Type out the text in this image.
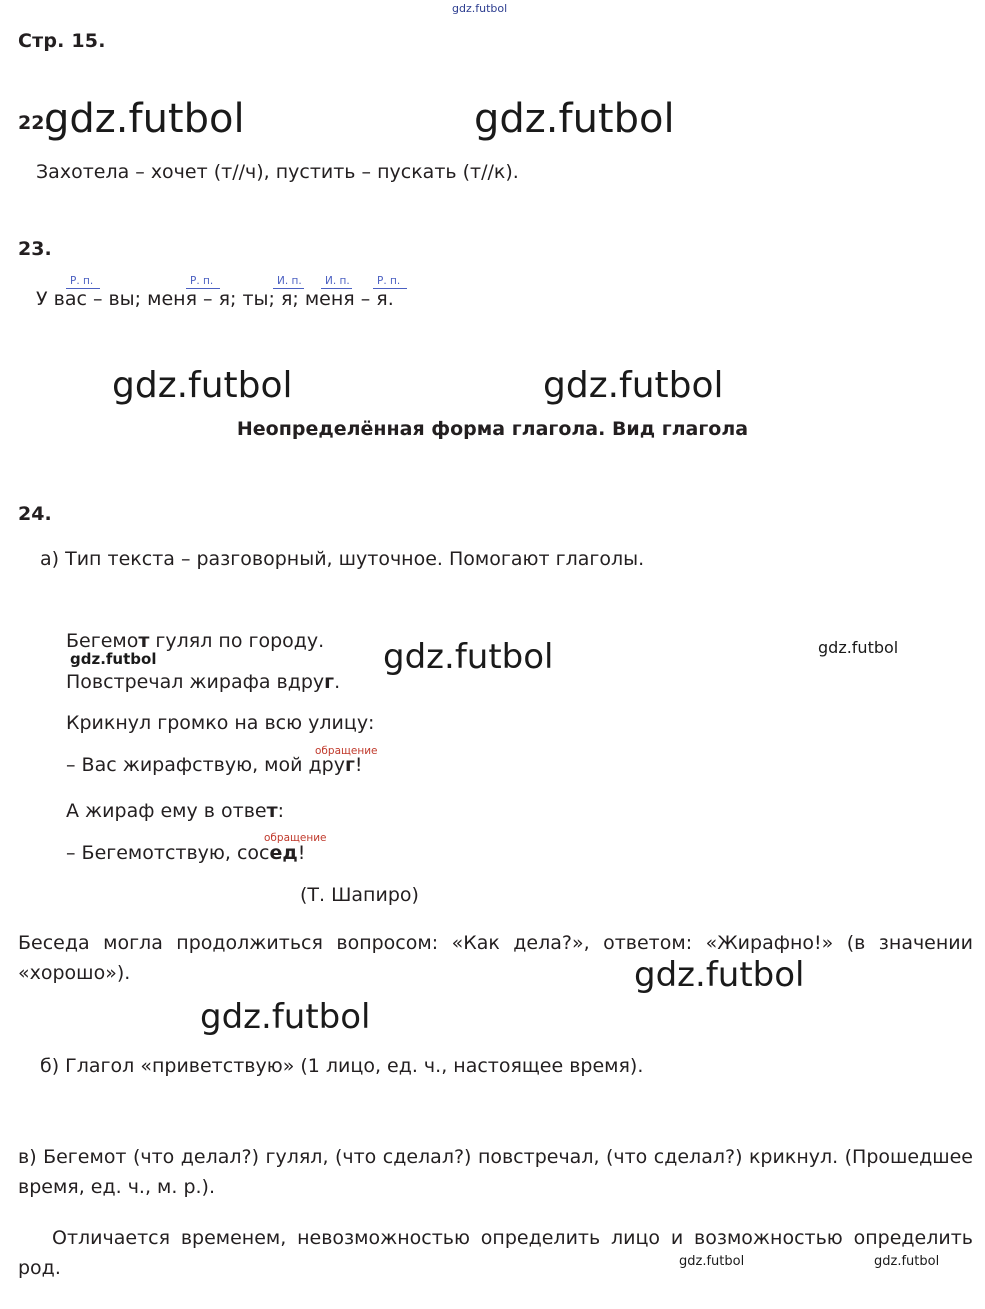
Стр. 15.
22.
Захотела – хочет (т//ч), пустить – пускать (т//к).
23.
Р. п.	Р. п.	И. п. И. п.	Р. п.
У вас – вы; меня – я; ты; я; меня – я.
Неопределённая форма глагола. Вид глагола
24.
а) Тип текста – разговорный, шуточное. Помогают глаголы.
Бегемот гулял по городу.
Повстречал жирафа вдруг.
Крикнул громко на всю улицу:
обращение
– Вас жирафствую, мой друг!
А жираф ему в ответ:
обращение
– Бегемотствую, сосед!
(Т. Шапиро)
Беседа могла продолжиться вопросом: «Как дела?», ответом: «Жирафно!» (в значении «хорошо»).
б) Глагол «приветствую» (1 лицо, ед. ч., настоящее время).
в) Бегемот (что делал?) гулял, (что сделал?) повстречал, (что сделал?) крикнул. (Прошедшее время, ед. ч., м. р.).
Отличается временем, невозможностью определить лицо и возможностью определить род.
gdz.futbol
gdz.futbol	gdz.futbol
gdz.futbol	gdz.futbol
gdz.futbol
gdz.futbol
gdz.futbol
gdz.futbol
gdz.futbol
gdz.futbol	gdz.futbol
